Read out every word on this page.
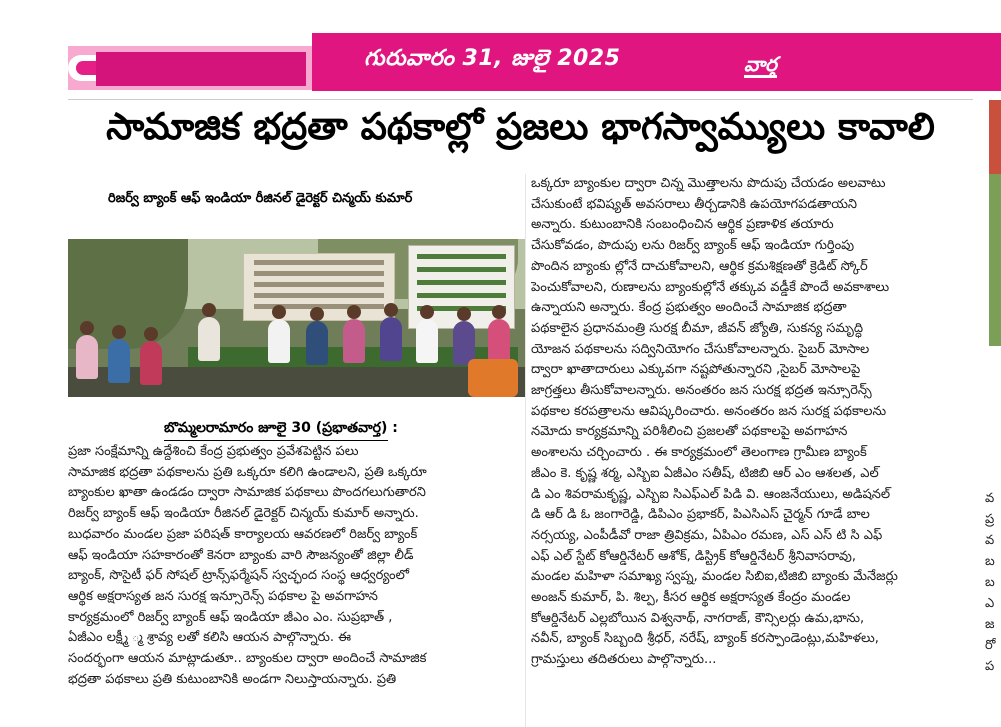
గురువారం 31, జులై 2025	వార్త
సామాజిక భద్రతా పథకాల్లో ప్రజలు భాగస్వామ్యులు కావాలి
వ
ప్ర
వ
బ
బ
ఎ
జ
రో
ప
రిజర్వ్ బ్యాంక్ ఆఫ్ ఇండియా రీజినల్ డైరెక్టర్ చిన్మయ్ కుమార్
బొమ్మలరామారం జూలై 30 (ప్రభాతవార్త) :

ప్రజా సంక్షేమాన్ని ఉద్దేశించి కేంద్ర ప్రభుత్వం ప్రవేశపెట్టిన పలు

సామాజిక భద్రతా పథకాలను ప్రతి ఒక్కరూ కలిగి ఉండాలని, ప్రతి ఒక్కరూ

బ్యాంకుల ఖాతా ఉండడం ద్వారా సామాజిక పథకాలు పొందగలుగుతారని

రిజర్వ్ బ్యాంక్ ఆఫ్ ఇండియా రీజినల్ డైరెక్టర్ చిన్మయ్ కుమార్ అన్నారు.

బుధవారం మండల ప్రజా పరిషత్ కార్యాలయ ఆవరణలో రిజర్వ్ బ్యాంక్

ఆఫ్ ఇండియా సహకారంతో కెనరా బ్యాంకు వారి సౌజన్యంతో జిల్లా లీడ్

బ్యాంక్, సొసైటీ ఫర్ సోషల్ ట్రాన్స్‌ఫర్మేషన్ స్వచ్ఛంద సంస్థ ఆధ్వర్యంలో

ఆర్థిక అక్షరాస్యత జన సురక్ష ఇన్సూరెన్స్ పథకాల పై అవగాహన

కార్యక్రమంలో రిజర్వ్ బ్యాంక్ ఆఫ్ ఇండియా జీఎం ఎం. సుప్రభాత్ ,

ఏజీఎం లక్ష్మీ ్మ శ్రావ్య లతో కలిసి ఆయన పాల్గొన్నారు. ఈ

సందర్భంగా ఆయన మాట్లాడుతూ.. బ్యాంకుల ద్వారా అందించే సామాజిక

భద్రతా పథకాలు ప్రతి కుటుంబానికి అండగా నిలుస్తాయన్నారు. ప్రతి

ఒక్కరూ బ్యాంకుల ద్వారా చిన్న మొత్తాలను పొదుపు చేయడం అలవాటు

చేసుకుంటే భవిష్యత్ అవసరాలు తీర్చడానికి ఉపయోగపడతాయని

అన్నారు. కుటుంబానికి సంబంధించిన ఆర్థిక ప్రణాళిక తయారు

చేసుకోవడం, పొదుపు లను రిజర్వ్ బ్యాంక్ ఆఫ్ ఇండియా గుర్తింపు

పొందిన బ్యాంకు ల్లోనే దాచుకోవాలని, ఆర్థిక క్రమశిక్షణతో క్రెడిట్ స్కోర్

పెంచుకోవాలని, రుణాలను బ్యాంకుల్లోనే తక్కువ వడ్డీకే పొందే అవకాశాలు

ఉన్నాయని అన్నారు. కేంద్ర ప్రభుత్వం అందించే సామాజిక భద్రతా

పథకాలైన ప్రధానమంత్రి సురక్ష బీమా, జీవన్ జ్యోతి, సుకన్య సమృద్ధి

యోజన పథకాలను సద్వినియోగం చేసుకోవాలన్నారు. సైబర్ మోసాల

ద్వారా ఖాతాదారులు ఎక్కువగా నష్టపోతున్నారని ,సైబర్ మోసాలపై

జాగ్రత్తలు తీసుకోవాలన్నారు. అనంతరం జన సురక్ష భద్రత ఇన్సూరెన్స్

పథకాల కరపత్రాలను ఆవిష్కరించారు. అనంతరం జన సురక్ష పథకాలను

నమోదు కార్యక్రమాన్ని పరిశీలించి ప్రజలతో పథకాలపై అవగాహన

అంశాలను చర్చించారు . ఈ కార్యక్రమంలో తెలంగాణ గ్రామీణ బ్యాంక్

జీఎం కె. కృష్ణ శర్మ, ఎస్బిఐ ఏజీఎం సతీష్, టిజిబి ఆర్ ఎం ఆశలత, ఎల్

డి ఎం శివరామకృష్ణ, ఎస్బిఐ సిఎఫ్ఎల్ పిడి వి. ఆంజనేయులు, అడిషనల్

డి ఆర్ డి ఓ జంగారెడ్డి, డిపిఎం ప్రభాకర్, పిఎసిఎస్ చైర్మన్ గూడే బాల

నర్సయ్య, ఎంపీడీవో రాజా త్రివిక్రమ, ఏపిఎం రమణ, ఎస్ ఎస్ టి సి ఎఫ్

ఎఫ్ ఎల్ స్టేట్ కోఆర్డినేటర్ ఆశోక్, డిస్ట్రిక్ కోఆర్డినేటర్ శ్రీనివాసరావు,

మండల మహిళా సమాఖ్య స్వప్న, మండల సిబిఐ,టిజిబి బ్యాంకు మేనేజర్లు

అంజన్ కుమార్, పి. శిల్ప, కీసర ఆర్థిక అక్షరాస్యత కేంద్రం మండల

కోఆర్డినేటర్ ఎల్లబోయిన విశ్వనాథ్, నాగరాజ్, కౌన్సిలర్లు ఉమ,భాను,

నవీన్, బ్యాంక్ సిబ్బంది శ్రీధర్, నరేష్, బ్యాంక్ కరస్పాండెంట్లు,మహిళలు,

గ్రామస్తులు తదితరులు పాల్గొన్నారు...
